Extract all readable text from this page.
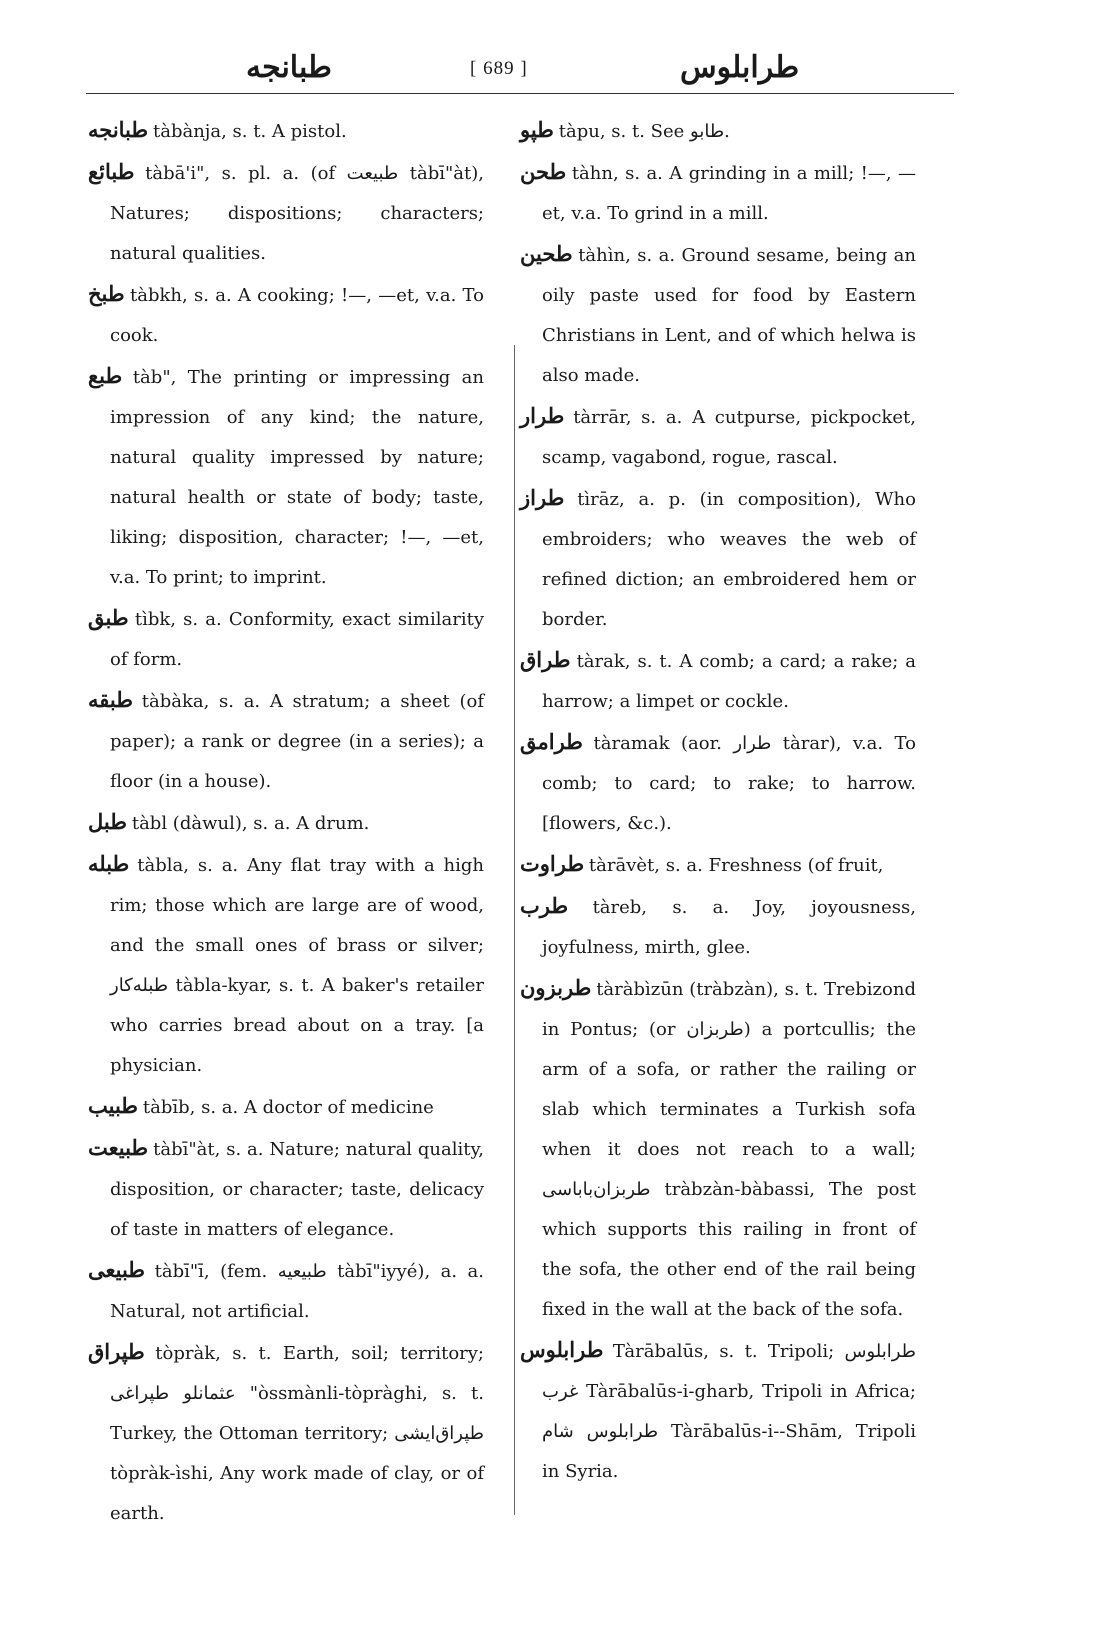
طبانجه	[ 689 ]	طرابلوس

طبانجه tàbànja, s. t. A pistol.

طبائع tàbā'i", s. pl. a. (of طبيعت tàbī"àt), Natures; dispositions; characters; natural qualities.

طبخ tàbkh, s. a. A cooking; !—, —et, v.a. To cook.

طبع tàb", The printing or impressing an impression of any kind; the nature, natural quality impressed by nature; natural health or state of body; taste, liking; disposition, character; !—, —et, v.a. To print; to imprint.

طبق tìbk, s. a. Conformity, exact similarity of form.

طبقه tàbàka, s. a. A stratum; a sheet (of paper); a rank or degree (in a series); a floor (in a house).

طبل tàbl (dàwul), s. a. A drum.

طبله tàbla, s. a. Any flat tray with a high rim; those which are large are of wood, and the small ones of brass or silver; طبله‌كار tàbla-kyar, s. t. A baker's retailer who carries bread about on a tray. [a physician.

طبيب tàbīb, s. a. A doctor of medicine

طبيعت tàbī"àt, s. a. Nature; natural quality, disposition, or character; taste, delicacy of taste in matters of elegance.

طبيعى tàbī"ī, (fem. طبيعيه tàbī"iyyé), a. a. Natural, not artificial.

طپراق tòpràk, s. t. Earth, soil; territory; عثمانلو طپراغى "òssmànli-tòpràghi, s. t. Turkey, the Ottoman territory; طپراق‌ايشى tòpràk-ìshi, Any work made of clay, or of earth.

طپو tàpu, s. t. See طابو.

طحن tàhn, s. a. A grinding in a mill; !—, —et, v.a. To grind in a mill.

طحين tàhìn, s. a. Ground sesame, being an oily paste used for food by Eastern Christians in Lent, and of which helwa is also made.

طرار tàrrār, s. a. A cutpurse, pickpocket, scamp, vagabond, rogue, rascal.

طراز tìrāz, a. p. (in composition), Who embroiders; who weaves the web of refined diction; an embroidered hem or border.

طراق tàrak, s. t. A comb; a card; a rake; a harrow; a limpet or cockle.

طرامق tàramak (aor. طرار tàrar), v.a. To comb; to card; to rake; to harrow. [flowers, &c.).

طراوت tàrāvèt, s. a. Freshness (of fruit,

طرب tàreb, s. a. Joy, joyousness, joyfulness, mirth, glee.

طربزون tàràbìzūn (tràbzàn), s. t. Trebizond in Pontus; (or طربزان) a portcullis; the arm of a sofa, or rather the railing or slab which terminates a Turkish sofa when it does not reach to a wall; طربزان‌باباسى tràbzàn-bàbassi, The post which supports this railing in front of the sofa, the other end of the rail being fixed in the wall at the back of the sofa.

طرابلوس Tàrābalūs, s. t. Tripoli; طرابلوس غرب Tàrābalūs-i-gharb, Tripoli in Africa; طرابلوس شام Tàrābalūs-i--Shām, Tripoli in Syria.
